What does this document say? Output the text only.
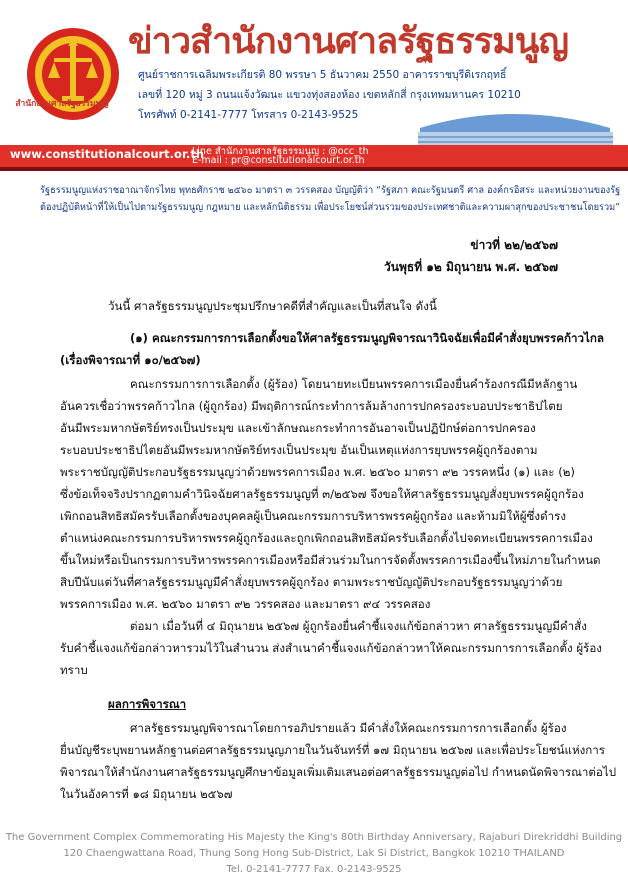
สำนักงานศาลรัฐธรรมนูญ
ข่าวสำนักงานศาลรัฐธรรมนูญ
ศูนย์ราชการเฉลิมพระเกียรติ 80 พรรษา 5 ธันวาคม 2550 อาคารราชบุรีดิเรกฤทธิ์
เลขที่ 120 หมู่ 3 ถนนแจ้งวัฒนะ แขวงทุ่งสองห้อง เขตหลักสี่ กรุงเทพมหานคร 10210
โทรศัพท์ 0-2141-7777 โทรสาร 0-2143-9525
www.constitutionalcourt.or.th
Line สำนักงานศาลรัฐธรรมนูญ : @occ_th
E-mail : pr@constitutionalcourt.or.th
รัฐธรรมนูญแห่งราชอาณาจักรไทย พุทธศักราช ๒๕๖๐ มาตรา ๓ วรรคสอง บัญญัติว่า “รัฐสภา คณะรัฐมนตรี ศาล องค์กรอิสระ และหน่วยงานของรัฐ
ต้องปฏิบัติหน้าที่ให้เป็นไปตามรัฐธรรมนูญ กฎหมาย และหลักนิติธรรม เพื่อประโยชน์ส่วนรวมของประเทศชาติและความผาสุกของประชาชนโดยรวม”
ข่าวที่ ๒๒/๒๕๖๗
วันพุธที่ ๑๒ มิถุนายน พ.ศ. ๒๕๖๗
วันนี้ ศาลรัฐธรรมนูญประชุมปรึกษาคดีที่สำคัญและเป็นที่สนใจ ดังนี้
(๑) คณะกรรมการการเลือกตั้งขอให้ศาลรัฐธรรมนูญพิจารณาวินิจฉัยเพื่อมีคำสั่งยุบพรรคก้าวไกล
(เรื่องพิจารณาที่ ๑๐/๒๕๖๗)
คณะกรรมการการเลือกตั้ง (ผู้ร้อง) โดยนายทะเบียนพรรคการเมืองยื่นคำร้องกรณีมีหลักฐาน
อันควรเชื่อว่าพรรคก้าวไกล (ผู้ถูกร้อง) มีพฤติการณ์กระทำการล้มล้างการปกครองระบอบประชาธิปไตย
อันมีพระมหากษัตริย์ทรงเป็นประมุข และเข้าลักษณะกระทำการอันอาจเป็นปฏิปักษ์ต่อการปกครอง
ระบอบประชาธิปไตยอันมีพระมหากษัตริย์ทรงเป็นประมุข อันเป็นเหตุแห่งการยุบพรรคผู้ถูกร้องตาม
พระราชบัญญัติประกอบรัฐธรรมนูญว่าด้วยพรรคการเมือง พ.ศ. ๒๕๖๐ มาตรา ๙๒ วรรคหนึ่ง (๑) และ (๒)
ซึ่งข้อเท็จจริงปรากฏตามคำวินิจฉัยศาลรัฐธรรมนูญที่ ๓/๒๕๖๗ จึงขอให้ศาลรัฐธรรมนูญสั่งยุบพรรคผู้ถูกร้อง
เพิกถอนสิทธิสมัครรับเลือกตั้งของบุคคลผู้เป็นคณะกรรมการบริหารพรรคผู้ถูกร้อง และห้ามมิให้ผู้ซึ่งดำรง
ตำแหน่งคณะกรรมการบริหารพรรคผู้ถูกร้องและถูกเพิกถอนสิทธิสมัครรับเลือกตั้งไปจดทะเบียนพรรคการเมือง
ขึ้นใหม่หรือเป็นกรรมการบริหารพรรคการเมืองหรือมีส่วนร่วมในการจัดตั้งพรรคการเมืองขึ้นใหม่ภายในกำหนด
สิบปีนับแต่วันที่ศาลรัฐธรรมนูญมีคำสั่งยุบพรรคผู้ถูกร้อง ตามพระราชบัญญัติประกอบรัฐธรรมนูญว่าด้วย
พรรคการเมือง พ.ศ. ๒๕๖๐ มาตรา ๙๒ วรรคสอง และมาตรา ๙๔ วรรคสอง
ต่อมา เมื่อวันที่ ๔ มิถุนายน ๒๕๖๗ ผู้ถูกร้องยื่นคำชี้แจงแก้ข้อกล่าวหา ศาลรัฐธรรมนูญมีคำสั่ง
รับคำชี้แจงแก้ข้อกล่าวหารวมไว้ในสำนวน ส่งสำเนาคำชี้แจงแก้ข้อกล่าวหาให้คณะกรรมการการเลือกตั้ง ผู้ร้อง
ทราบ
ผลการพิจารณา
ศาลรัฐธรรมนูญพิจารณาโดยการอภิปรายแล้ว มีคำสั่งให้คณะกรรมการการเลือกตั้ง ผู้ร้อง
ยื่นบัญชีระบุพยานหลักฐานต่อศาลรัฐธรรมนูญภายในวันจันทร์ที่ ๑๗ มิถุนายน ๒๕๖๗ และเพื่อประโยชน์แห่งการ
พิจารณาให้สำนักงานศาลรัฐธรรมนูญศึกษาข้อมูลเพิ่มเติมเสนอต่อศาลรัฐธรรมนูญต่อไป กำหนดนัดพิจารณาต่อไป
ในวันอังคารที่ ๑๘ มิถุนายน ๒๕๖๗
The Government Complex Commemorating His Majesty the King's 80th Birthday Anniversary, Rajaburi Direkriddhi Building
120 Chaengwattana Road, Thung Song Hong Sub-District, Lak Si District, Bangkok 10210 THAILAND
Tel. 0-2141-7777 Fax. 0-2143-9525
